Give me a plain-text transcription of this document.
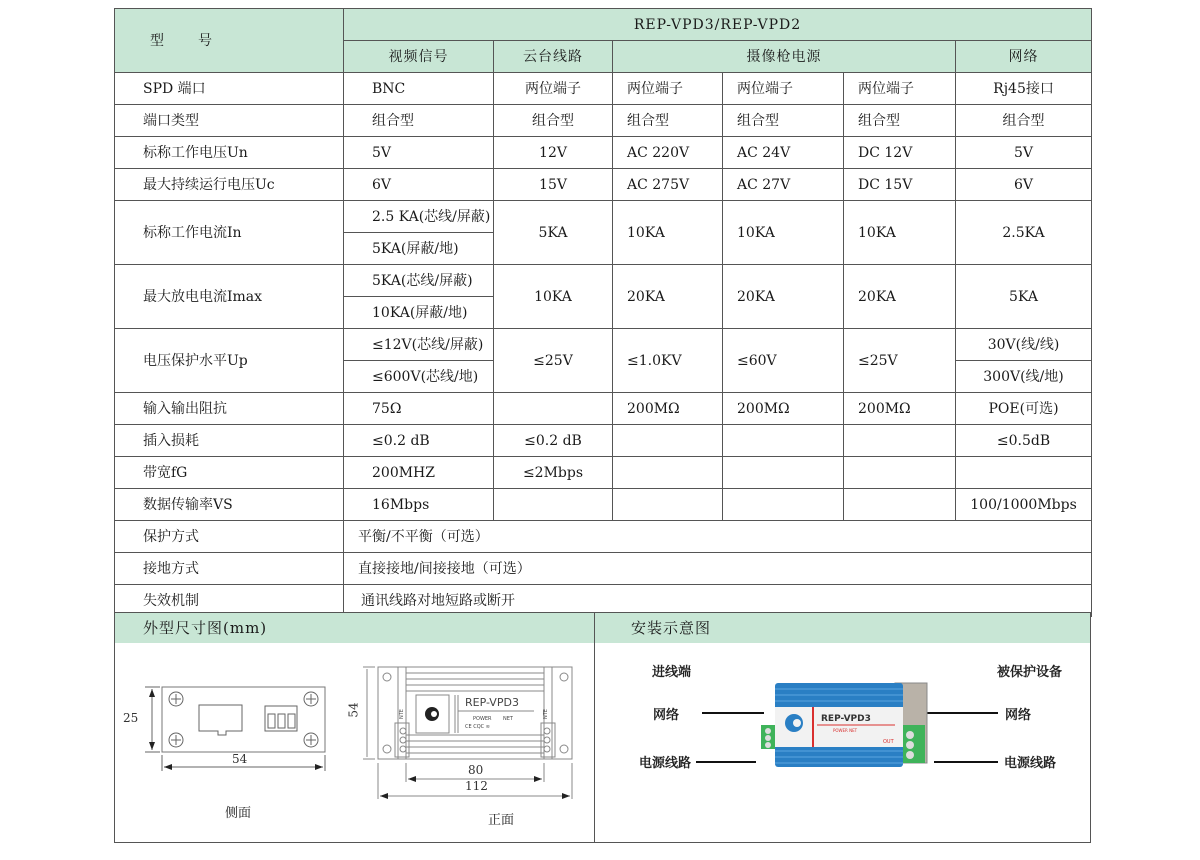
型　　号	REP-VPD3/REP-VPD2					
	视频信号	云台线路	摄像枪电源			网络
SPD 端口	BNC	两位端子	两位端子	两位端子	两位端子	Rj45接口
端口类型	组合型	组合型	组合型	组合型	组合型	组合型
标称工作电压Un	5V	12V	AC 220V	AC 24V	DC 12V	5V
最大持续运行电压Uc	6V	15V	AC 275V	AC 27V	DC 15V	6V
标称工作电流In	2.5 KA(芯线/屏蔽)	5KA	10KA	10KA	10KA	2.5KA
	5KA(屏蔽/地)					
最大放电电流Imax	5KA(芯线/屏蔽)	10KA	20KA	20KA	20KA	5KA
	10KA(屏蔽/地)					
电压保护水平Up	≤12V(芯线/屏蔽)	≤25V	≤1.0KV	≤60V	≤25V	30V(线/线)
	≤600V(芯线/地)					300V(线/地)
输入输出阻抗	75Ω		200MΩ	200MΩ	200MΩ	POE(可选)
插入损耗	≤0.2 dB	≤0.2 dB				≤0.5dB
带宽fG	200MHZ	≤2Mbps				
数据传输率VS	16Mbps					100/1000Mbps
保护方式	平衡/不平衡（可选）					
接地方式	直接接地/间接接地（可选）					
失效机制	通讯线路对地短路或断开					
外型尺寸图(mm)	安装示意图
REP-VPD3
POWER NET
CE CQC ≋
NTE	NTE
25
54
侧面
54
80
112
正面
进线端	被保护设备
网络
电源线路
网络
电源线路
REP-VPD3
POWER NET
OUT
